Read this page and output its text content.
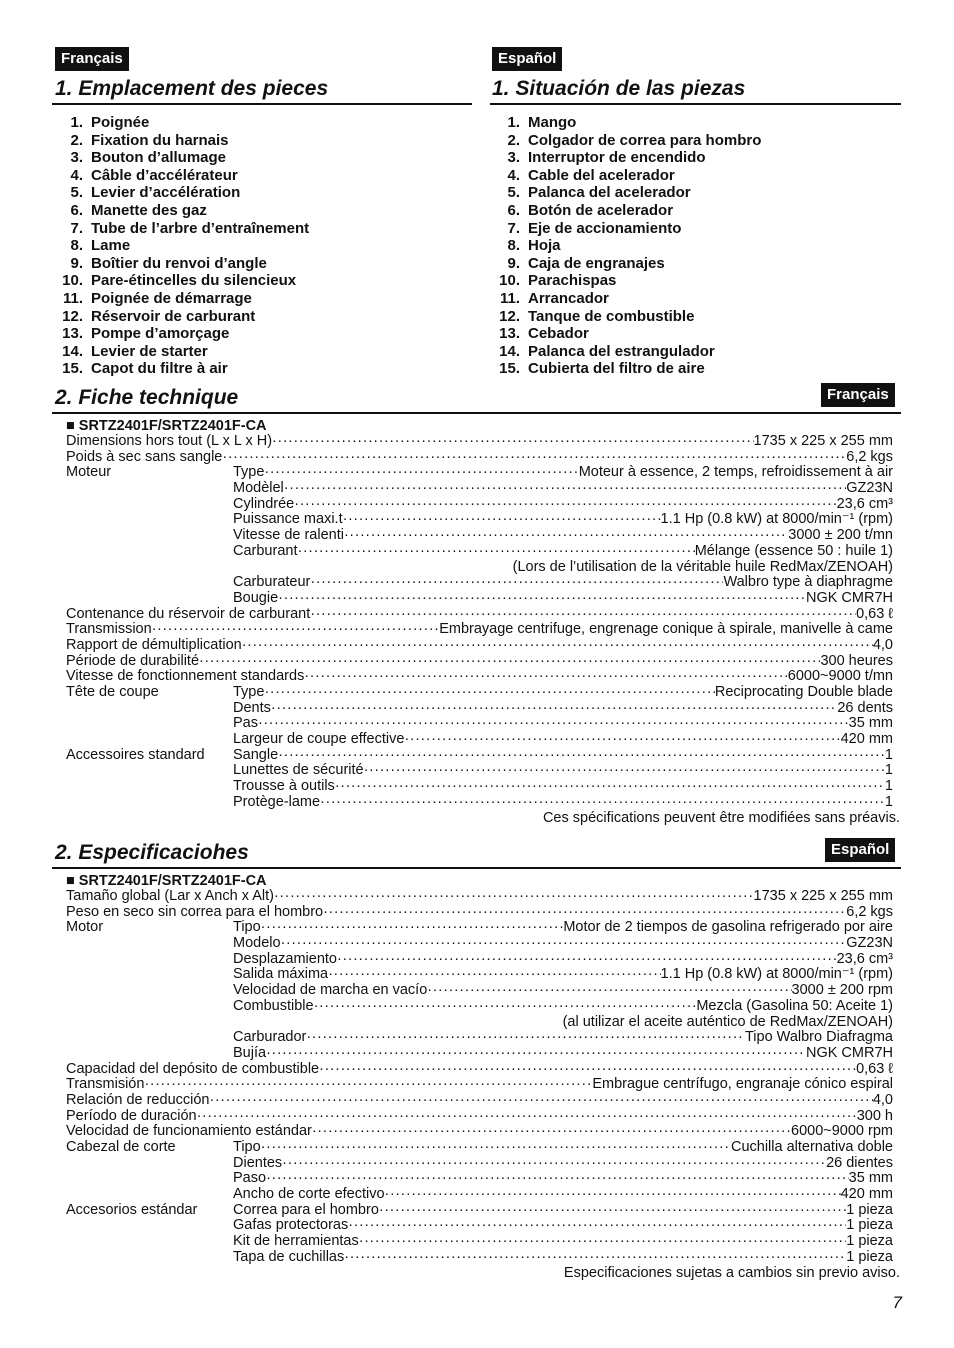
Français	Español
1. Emplacement des pieces	1. Situación de las piezas
1. Poignée
2. Fixation du harnais
3. Bouton d’allumage
4. Câble d’accélérateur
5. Levier d’accélération
6. Manette des gaz
7. Tube de l’arbre d’entraînement
8. Lame
9. Boîtier du renvoi d’angle
10. Pare-étincelles du silencieux
11. Poignée de démarrage
12. Réservoir de carburant
13. Pompe d’amorçage
14. Levier de starter
15. Capot du filtre à air
1. Mango
2. Colgador de correa para hombro
3. Interruptor de encendido
4. Cable del acelerador
5. Palanca del acelerador
6. Botón de acelerador
7. Eje de accionamiento
8. Hoja
9. Caja de engranajes
10. Parachispas
11. Arrancador
12. Tanque de combustible
13. Cebador
14. Palanca del estrangulador
15. Cubierta del filtro de aire
2. Fiche technique	Français
■ SRTZ2401F/SRTZ2401F-CA
Dimensions hors tout (L x L x H) ·····	1735 x 225 x 255 mm
Poids à sec sans sangle ·····	6,2 kgs
Moteur	Type ·····	Moteur à essence, 2 temps, refroidissement à air
Modèlel ·····	GZ23N
Cylindrée ·····	23,6 cm³
Puissance maxi.t ·····	1.1 Hp (0.8 kW) at 8000/min⁻¹ (rpm)
Vitesse de ralenti ·····	3000 ± 200 t/mn
Carburant ·····	Mélange (essence 50 : huile 1)
(Lors de l’utilisation de la véritable huile RedMax/ZENOAH)
Carburateur ·····	Walbro type à diaphragme
Bougie ·····	NGK CMR7H
Contenance du réservoir de carburant ·····	0,63 ℓ
Transmission ·····	Embrayage centrifuge, engrenage conique à spirale, manivelle à came
Rapport de démultiplication ·····	4,0
Période de durabilité ·····	300 heures
Vitesse de fonctionnement standards ·····	6000~9000 t/mn
Tête de coupe	Type ·····	Reciprocating Double blade
Dents ·····	26 dents
Pas ·····	35 mm
Largeur de coupe effective ·····	420 mm
Accessoires standard	Sangle ·····	1
Lunettes de sécurité ·····	1
Trousse à outils ·····	1
Protège-lame ·····	1
Ces spécifications peuvent être modifiées sans préavis.
2. Especificaciohes	Español
■ SRTZ2401F/SRTZ2401F-CA
Tamaño global (Lar x Anch x Alt) ·····	1735 x 225 x 255 mm
Peso en seco sin correa para el hombro ·····	6,2 kgs
Motor	Tipo ·····	Motor de 2 tiempos de gasolina refrigerado por aire
Modelo ·····	GZ23N
Desplazamiento ·····	23,6 cm³
Salida máxima ·····	1.1 Hp (0.8 kW) at 8000/min⁻¹ (rpm)
Velocidad de marcha en vacío ·····	3000 ± 200 rpm
Combustible ·····	Mezcla (Gasolina 50: Aceite 1)
(al utilizar el aceite auténtico de RedMax/ZENOAH)
Carburador ·····	Tipo Walbro Diafragma
Bujía ·····	NGK CMR7H
Capacidad del depósito de combustible ·····	0,63 ℓ
Transmisión ·····	Embrague centrífugo, engranaje cónico espiral
Relación de reducción ·····	4,0
Período de duración ·····	300 h
Velocidad de funcionamiento estándar ·····	6000~9000 rpm
Cabezal de corte	Tipo ·····	Cuchilla alternativa doble
Dientes ·····	26 dientes
Paso ·····	35 mm
Ancho de corte efectivo ·····	420 mm
Accesorios estándar	Correa para el hombro ·····	1 pieza
Gafas protectoras ·····	1 pieza
Kit de herramientas ·····	1 pieza
Tapa de cuchillas ·····	1 pieza
Especificaciones sujetas a cambios sin previo aviso.
7
